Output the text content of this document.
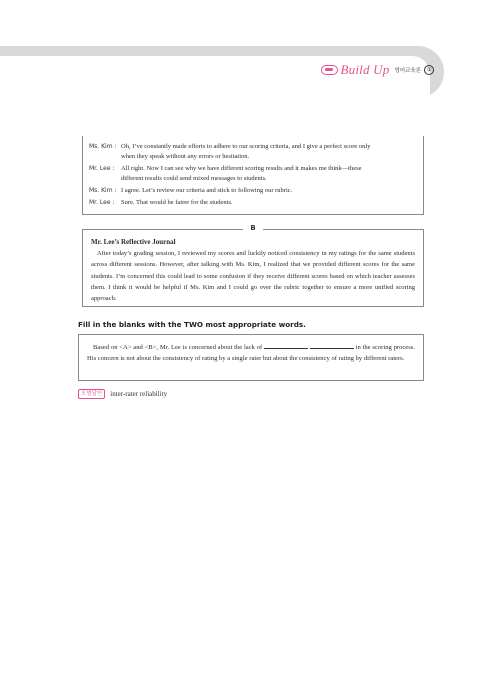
Build Up 영어교육론	①
Ms. Kim : Oh, I’ve constantly made efforts to adhere to our scoring criteria, and I give a perfect score only
when they speak without any errors or hesitation.
Mr. Lee :	All right. Now I can see why we have different scoring results and it makes me think—these
different results could send mixed messages to students.
Ms. Kim : I agree. Let’s review our criteria and stick to following our rubric.
Mr. Lee :	Sure. That would be fairer for the students.
B
Mr. Lee’s Reflective Journal
After today’s grading session, I reviewed my scores and luckily noticed consistency in my ratings for the same students across different sessions. However, after talking with Ms. Kim, I realized that we provided different scores for the same students. I’m concerned this could lead to some confusion if they receive different scores based on which teacher assesses them. I think it would be helpful if Ms. Kim and I could go over the rubric together to ensure a more unified scoring approach.
Fill in the blanks with the TWO most appropriate words.
Based on <A> and <B>, Mr. Lee is concerned about the lack of	in the scoring process. His concern is not about the consistency of rating by a single rater but about the consistency of rating by different raters.
모범답안	inter-rater reliability
